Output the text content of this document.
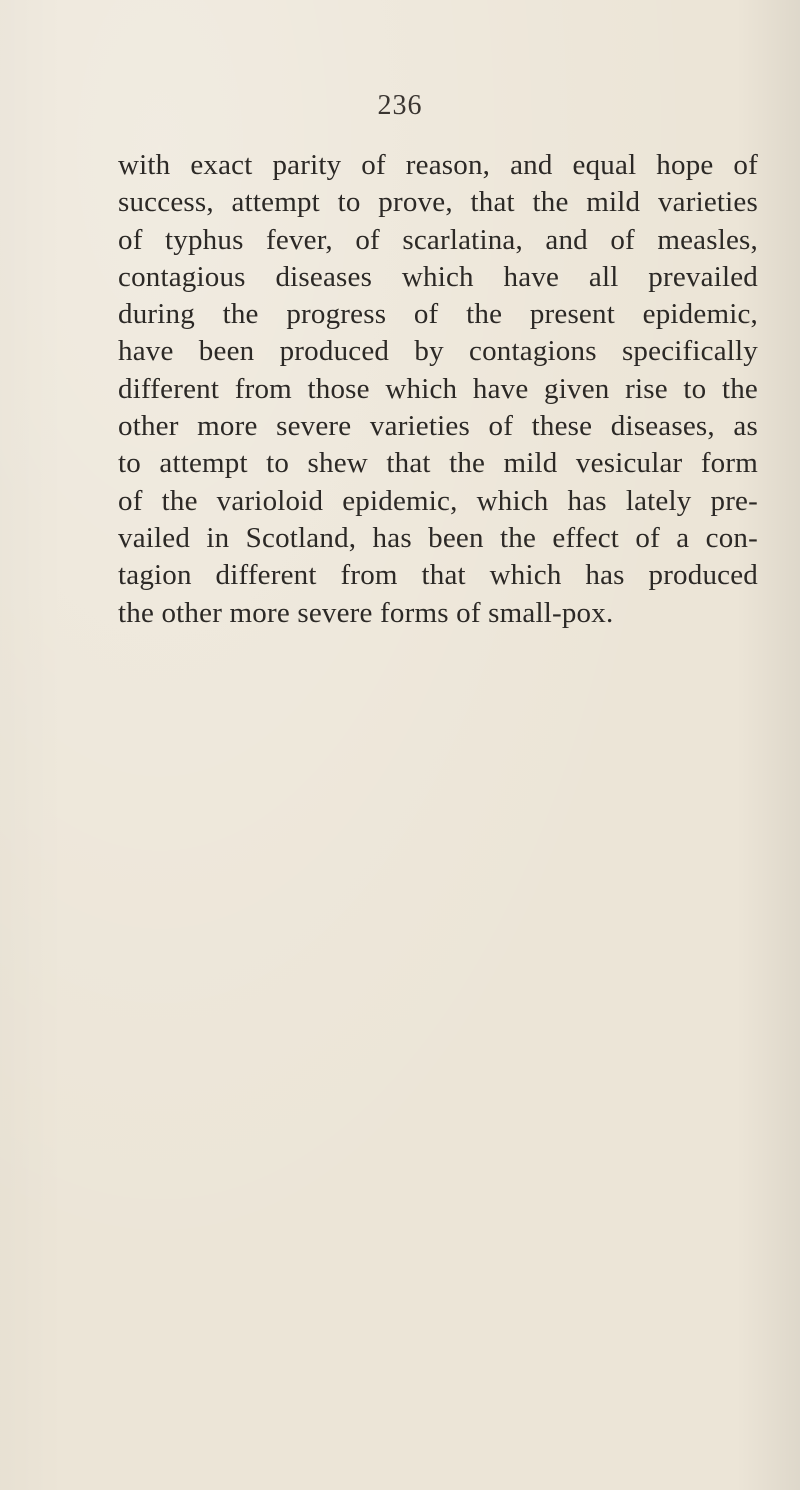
236

with exact parity of reason, and equal hope of
success, attempt to prove, that the mild varieties
of typhus fever, of scarlatina, and of measles,
contagious diseases which have all prevailed
during the progress of the present epidemic,
have been produced by contagions specifically
different from those which have given rise to the
other more severe varieties of these diseases, as
to attempt to shew that the mild vesicular form
of the varioloid epidemic, which has lately pre-
vailed in Scotland, has been the effect of a con-
tagion different from that which has produced
the other more severe forms of small-pox.
